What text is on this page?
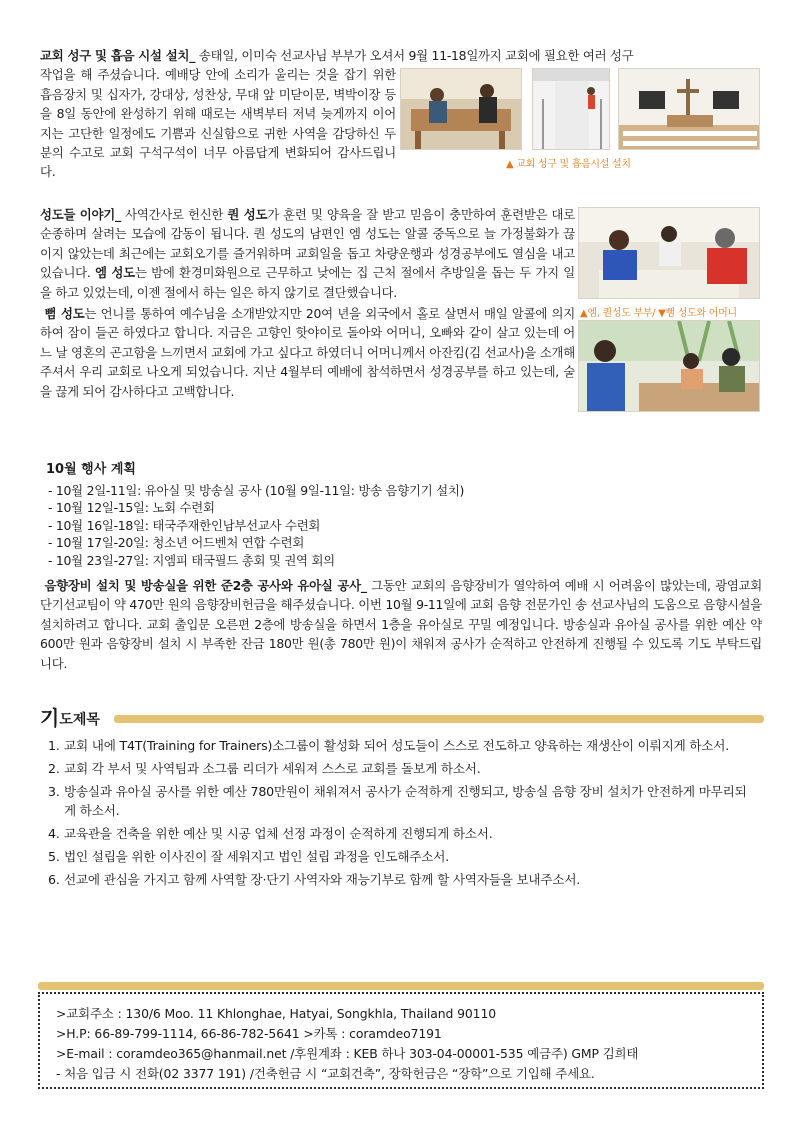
교회 성구 및 흡음 시설 설치_ 송태일, 이미숙 선교사님 부부가 오셔서 9월 11-18일까지 교회에 필요한 여러 성구

작업을 해 주셨습니다. 예배당 안에 소리가 울리는 것을 잡기 위한 흡음장치 및 십자가, 강대상, 성찬상, 무대 앞 미닫이문, 벽박이장 등을 8일 동안에 완성하기 위해 때로는 새벽부터 저녁 늦게까지 이어지는 고단한 일정에도 기쁨과 신실함으로 귀한 사역을 감당하신 두 분의 수고로 교회 구석구석이 너무 아름답게 변화되어 감사드립니다.	▲ 교회 성구 및 흡음시설 설치

성도들 이야기_ 사역간사로 헌신한 퀀 성도가 훈련 및 양육을 잘 받고 믿음이 충만하여 훈련받은 대로 순종하며 살려는 모습에 감동이 됩니다. 퀀 성도의 남편인 엠 성도는 알콜 중독으로 늘 가정불화가 끊이지 않았는데 최근에는 교회오기를 즐거워하며 교회일을 돕고 차량운행과 성경공부에도 열심을 내고 있습니다. 엠 성도는 밤에 환경미화원으로 근무하고 낮에는 집 근처 절에서 추방일을 돕는 두 가지 일을 하고 있었는데, 이젠 절에서 하는 일은 하지 않기로 결단했습니다.

뻠 성도는 언니를 통하여 예수님을 소개받았지만 20여 년을 외국에서 홀로 살면서 매일 알콜에 의지하여 잠이 들곤 하였다고 합니다. 지금은 고향인 핫야이로 돌아와 어머니, 오빠와 같이 살고 있는데 어느 날 영혼의 곤고함을 느끼면서 교회에 가고 싶다고 하였더니 어머니께서 아잔킴(김 선교사)을 소개해 주셔서 우리 교회로 나오게 되었습니다. 지난 4월부터 예배에 참석하면서 성경공부를 하고 있는데, 술을 끊게 되어 감사하다고 고백합니다.

▲엠, 퀀성도 부부/ ▼뻠 성도와 어머니
10월 행사 계획
- 10월 2일-11일: 유아실 및 방송실 공사 (10월 9일-11일: 방송 음향기기 설치)
- 10월 12일-15일: 노회 수련회
- 10월 16일-18일: 태국주재한인남부선교사 수련회
- 10월 17일-20일: 청소년 어드벤처 연합 수련회
- 10월 23일-27일: 지엠피 태국필드 총회 및 권역 회의

음향장비 설치 및 방송실을 위한 준2층 공사와 유아실 공사_ 그동안 교회의 음향장비가 열악하여 예배 시 어려움이 많았는데, 광염교회 단기선교팀이 약 470만 원의 음향장비헌금을 해주셨습니다. 이번 10월 9-11일에 교회 음향 전문가인 송 선교사님의 도움으로 음향시설을 설치하려고 합니다. 교회 출입문 오른편 2층에 방송실을 하면서 1층을 유아실로 꾸밀 예정입니다. 방송실과 유아실 공사를 위한 예산 약 600만 원과 음향장비 설치 시 부족한 잔금 180만 원(총 780만 원)이 채워져 공사가 순적하고 안전하게 진행될 수 있도록 기도 부탁드립니다.

기 도제목
1. 교회 내에 T4T(Training for Trainers)소그룹이 활성화 되어 성도들이 스스로 전도하고 양육하는 재생산이 이뤄지게 하소서.
2. 교회 각 부서 및 사역팀과 소그룹 리더가 세워져 스스로 교회를 돌보게 하소서.
3. 방송실과 유아실 공사를 위한 예산 780만원이 채워져서 공사가 순적하게 진행되고, 방송실 음향 장비 설치가 안전하게 마무리되게 하소서.
4. 교육관을 건축을 위한 예산 및 시공 업체 선정 과정이 순적하게 진행되게 하소서.
5. 법인 설립을 위한 이사진이 잘 세워지고 법인 설립 과정을 인도해주소서.
6. 선교에 관심을 가지고 함께 사역할 장·단기 사역자와 재능기부로 함께 할 사역자들을 보내주소서.
>교회주소 : 130/6 Moo. 11 Khlonghae, Hatyai, Songkhla, Thailand 90110
>H.P: 66-89-799-1114, 66-86-782-5641 >카톡 : coramdeo7191
>E-mail : coramdeo365@hanmail.net /후원계좌 : KEB 하나 303-04-00001-535 예금주) GMP 김희태
- 처음 입금 시 전화(02 3377 191) /건축헌금 시 “교회건축”, 장학헌금은 “장학”으로 기입해 주세요.
